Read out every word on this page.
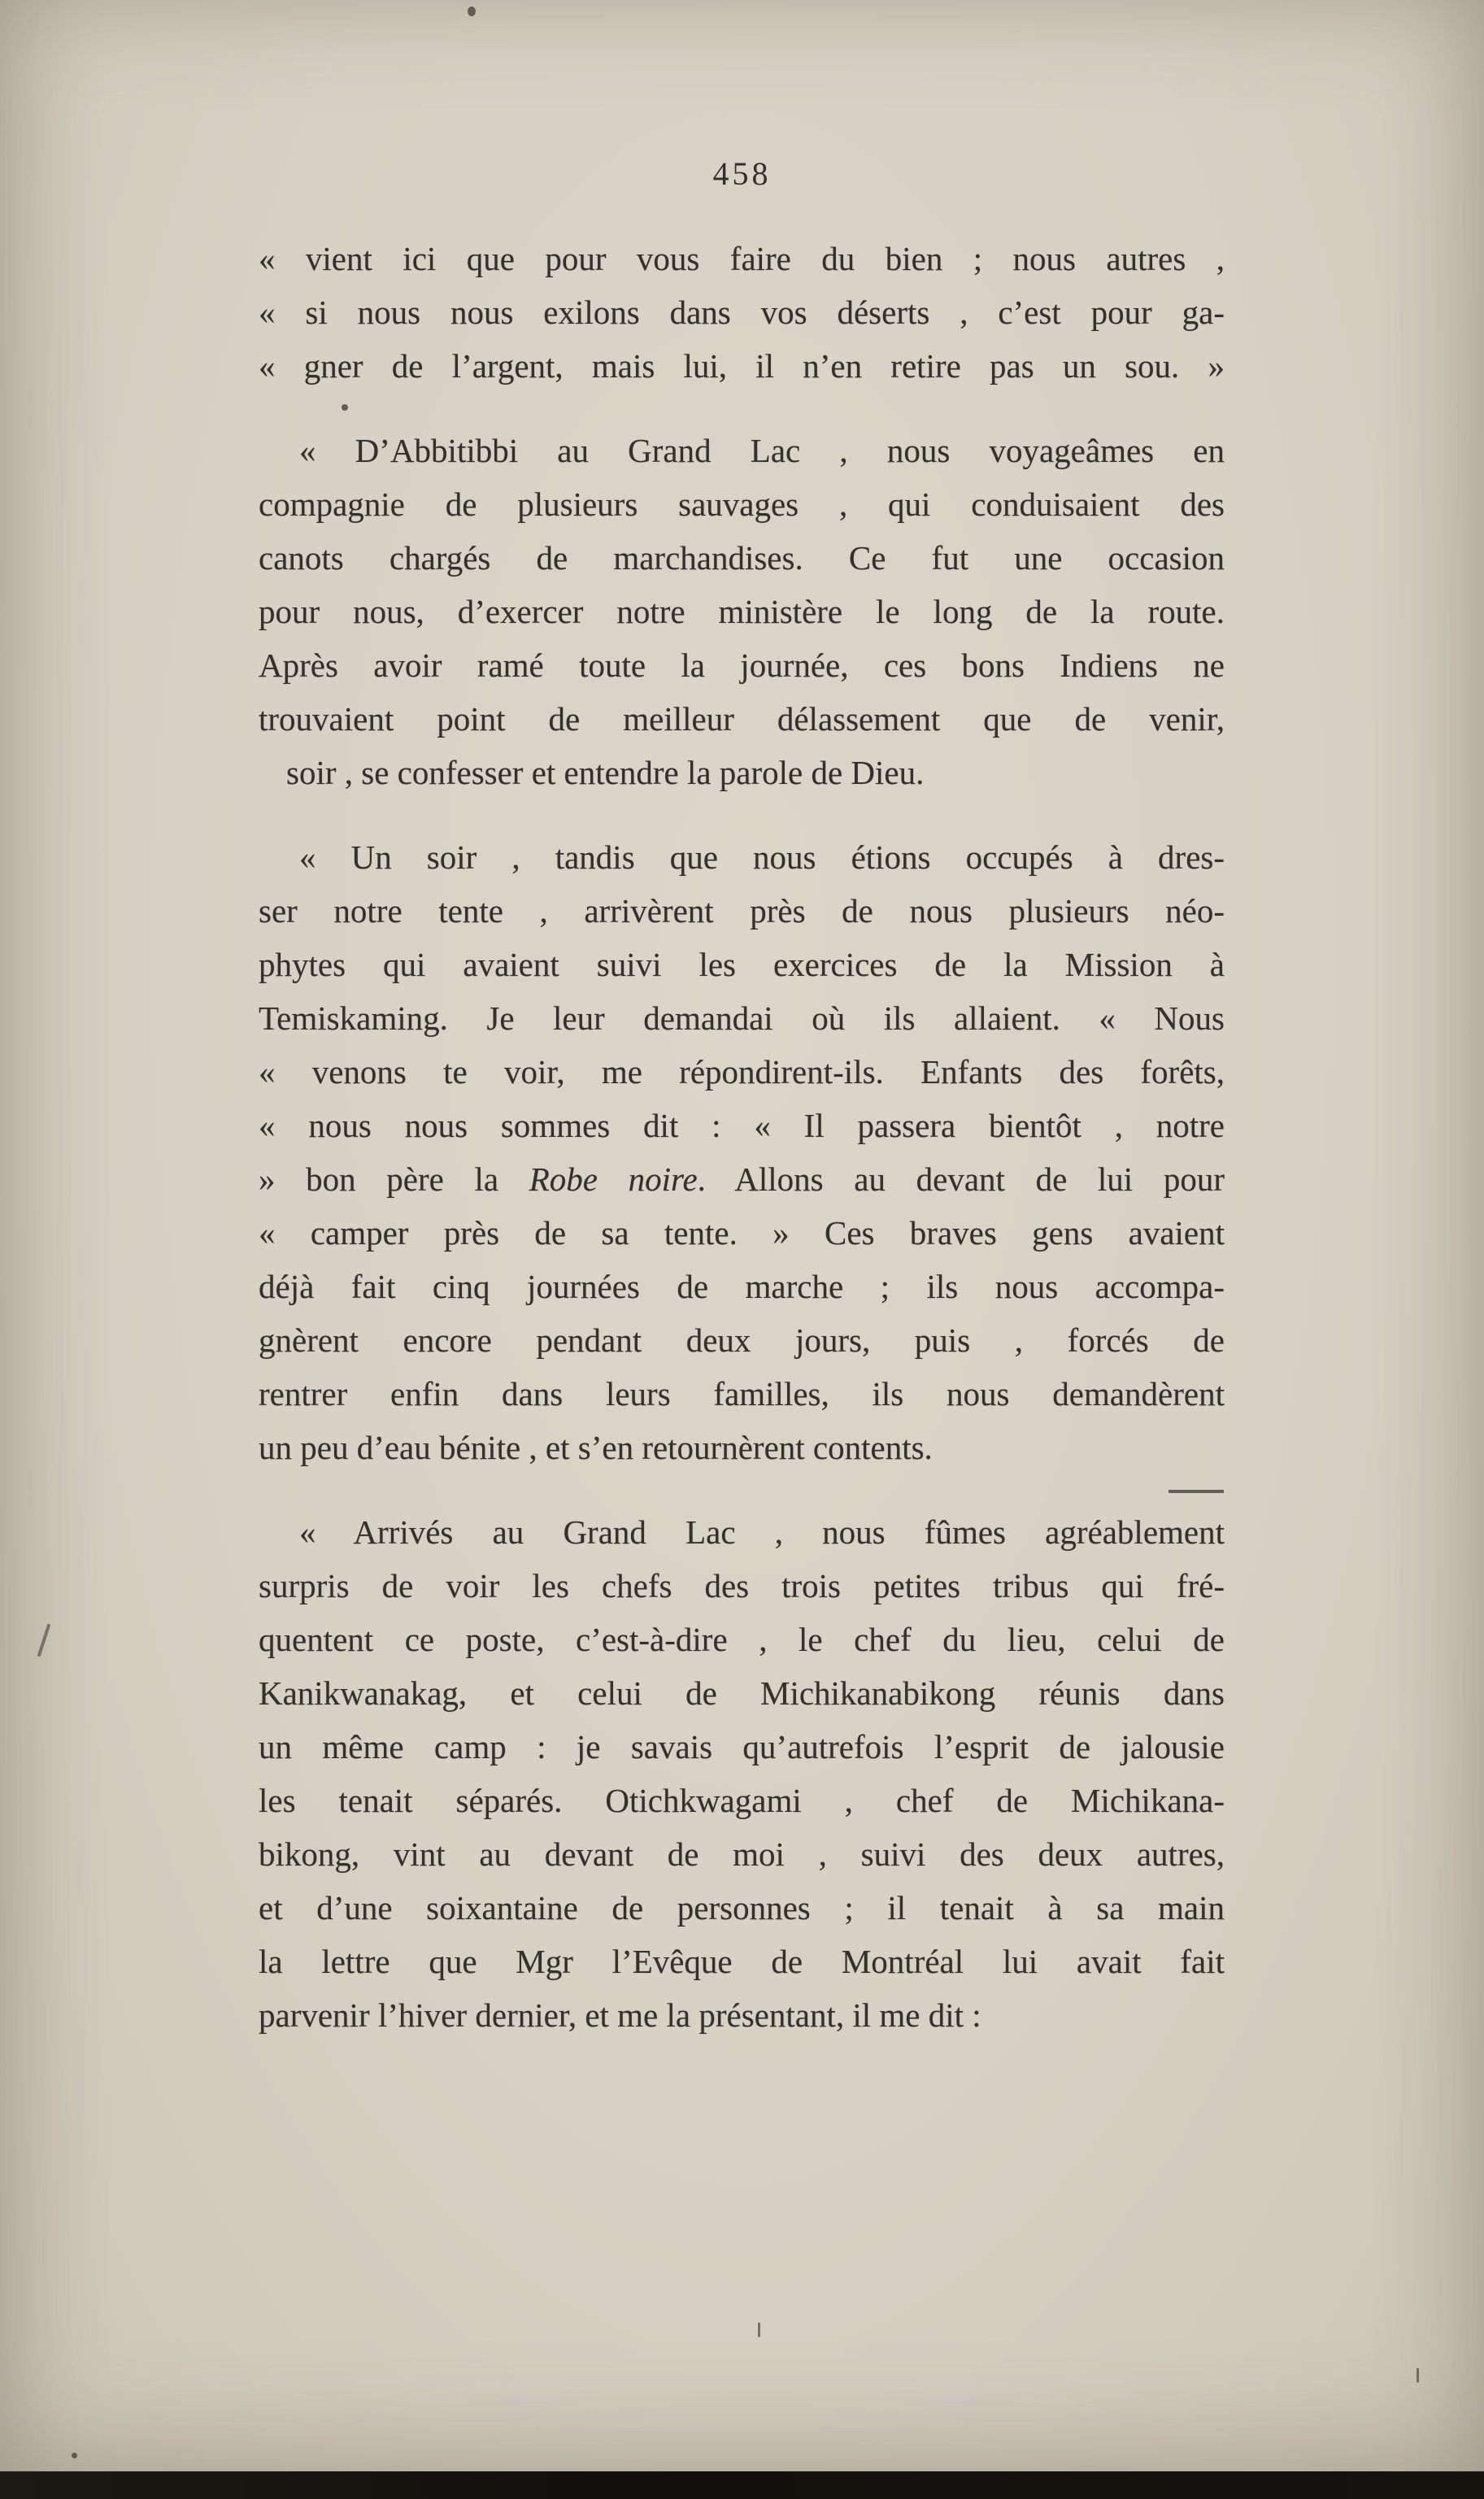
458
« vient ici que pour vous faire du bien ; nous autres ,
« si nous nous exilons dans vos déserts , c’est pour ga-
« gner de l’argent, mais lui, il n’en retire pas un sou. »
« D’Abbitibbi au Grand Lac , nous voyageâmes en
compagnie de plusieurs sauvages , qui conduisaient des
canots chargés de marchandises. Ce fut une occasion
pour nous, d’exercer notre ministère le long de la route.
Après avoir ramé toute la journée, ces bons Indiens ne
trouvaient point de meilleur délassement que de venir,
soir , se confesser et entendre la parole de Dieu.
« Un soir , tandis que nous étions occupés à dres-
ser notre tente , arrivèrent près de nous plusieurs néo-
phytes qui avaient suivi les exercices de la Mission à
Temiskaming. Je leur demandai où ils allaient. « Nous
« venons te voir, me répondirent-ils. Enfants des forêts,
« nous nous sommes dit : « Il passera bientôt , notre
» bon père la Robe noire. Allons au devant de lui pour
« camper près de sa tente. » Ces braves gens avaient
déjà fait cinq journées de marche ; ils nous accompa-
gnèrent encore pendant deux jours, puis , forcés de
rentrer enfin dans leurs familles, ils nous demandèrent
un peu d’eau bénite , et s’en retournèrent contents.
« Arrivés au Grand Lac , nous fûmes agréablement
surpris de voir les chefs des trois petites tribus qui fré-
quentent ce poste, c’est-à-dire , le chef du lieu, celui de
Kanikwanakag, et celui de Michikanabikong réunis dans
un même camp : je savais qu’autrefois l’esprit de jalousie
les tenait séparés. Otichkwagami , chef de Michikana-
bikong, vint au devant de moi , suivi des deux autres,
et d’une soixantaine de personnes ; il tenait à sa main
la lettre que Mgr l’Evêque de Montréal lui avait fait
parvenir l’hiver dernier, et me la présentant, il me dit :
